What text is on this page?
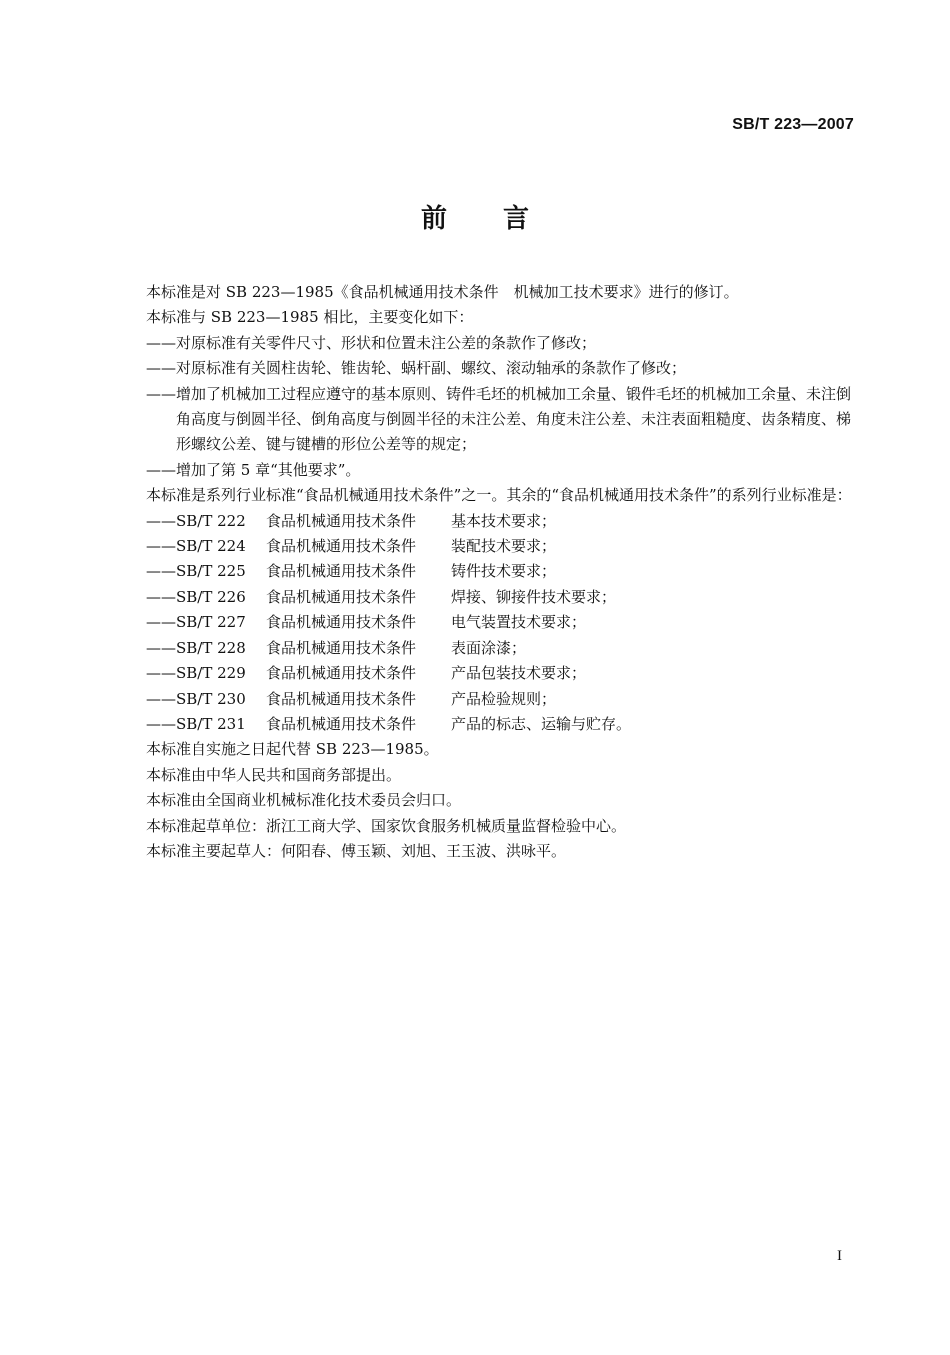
SB/T 223—2007
前言

本标准是对 SB 223—1985《食品机械通用技术条件　机械加工技术要求》进行的修订。

本标准与 SB 223—1985 相比，主要变化如下：

——对原标准有关零件尺寸、形状和位置未注公差的条款作了修改；

——对原标准有关圆柱齿轮、锥齿轮、蜗杆副、螺纹、滚动轴承的条款作了修改；

——增加了机械加工过程应遵守的基本原则、铸件毛坯的机械加工余量、锻件毛坯的机械加工余量、未注倒角高度与倒圆半径、倒角高度与倒圆半径的未注公差、角度未注公差、未注表面粗糙度、齿条精度、梯形螺纹公差、键与键槽的形位公差等的规定；

——增加了第 5 章“其他要求”。

本标准是系列行业标准“食品机械通用技术条件”之一。其余的“食品机械通用技术条件”的系列行业标准是：

——SB/T 222 食品机械通用技术条件 基本技术要求；
——SB/T 224 食品机械通用技术条件 装配技术要求；
——SB/T 225 食品机械通用技术条件 铸件技术要求；
——SB/T 226 食品机械通用技术条件 焊接、铆接件技术要求；
——SB/T 227 食品机械通用技术条件 电气装置技术要求；
——SB/T 228 食品机械通用技术条件 表面涂漆；
——SB/T 229 食品机械通用技术条件 产品包装技术要求；
——SB/T 230 食品机械通用技术条件 产品检验规则；
——SB/T 231 食品机械通用技术条件 产品的标志、运输与贮存。

本标准自实施之日起代替 SB 223—1985。

本标准由中华人民共和国商务部提出。

本标准由全国商业机械标准化技术委员会归口。

本标准起草单位：浙江工商大学、国家饮食服务机械质量监督检验中心。

本标准主要起草人：何阳春、傅玉颖、刘旭、王玉波、洪咏平。

I
